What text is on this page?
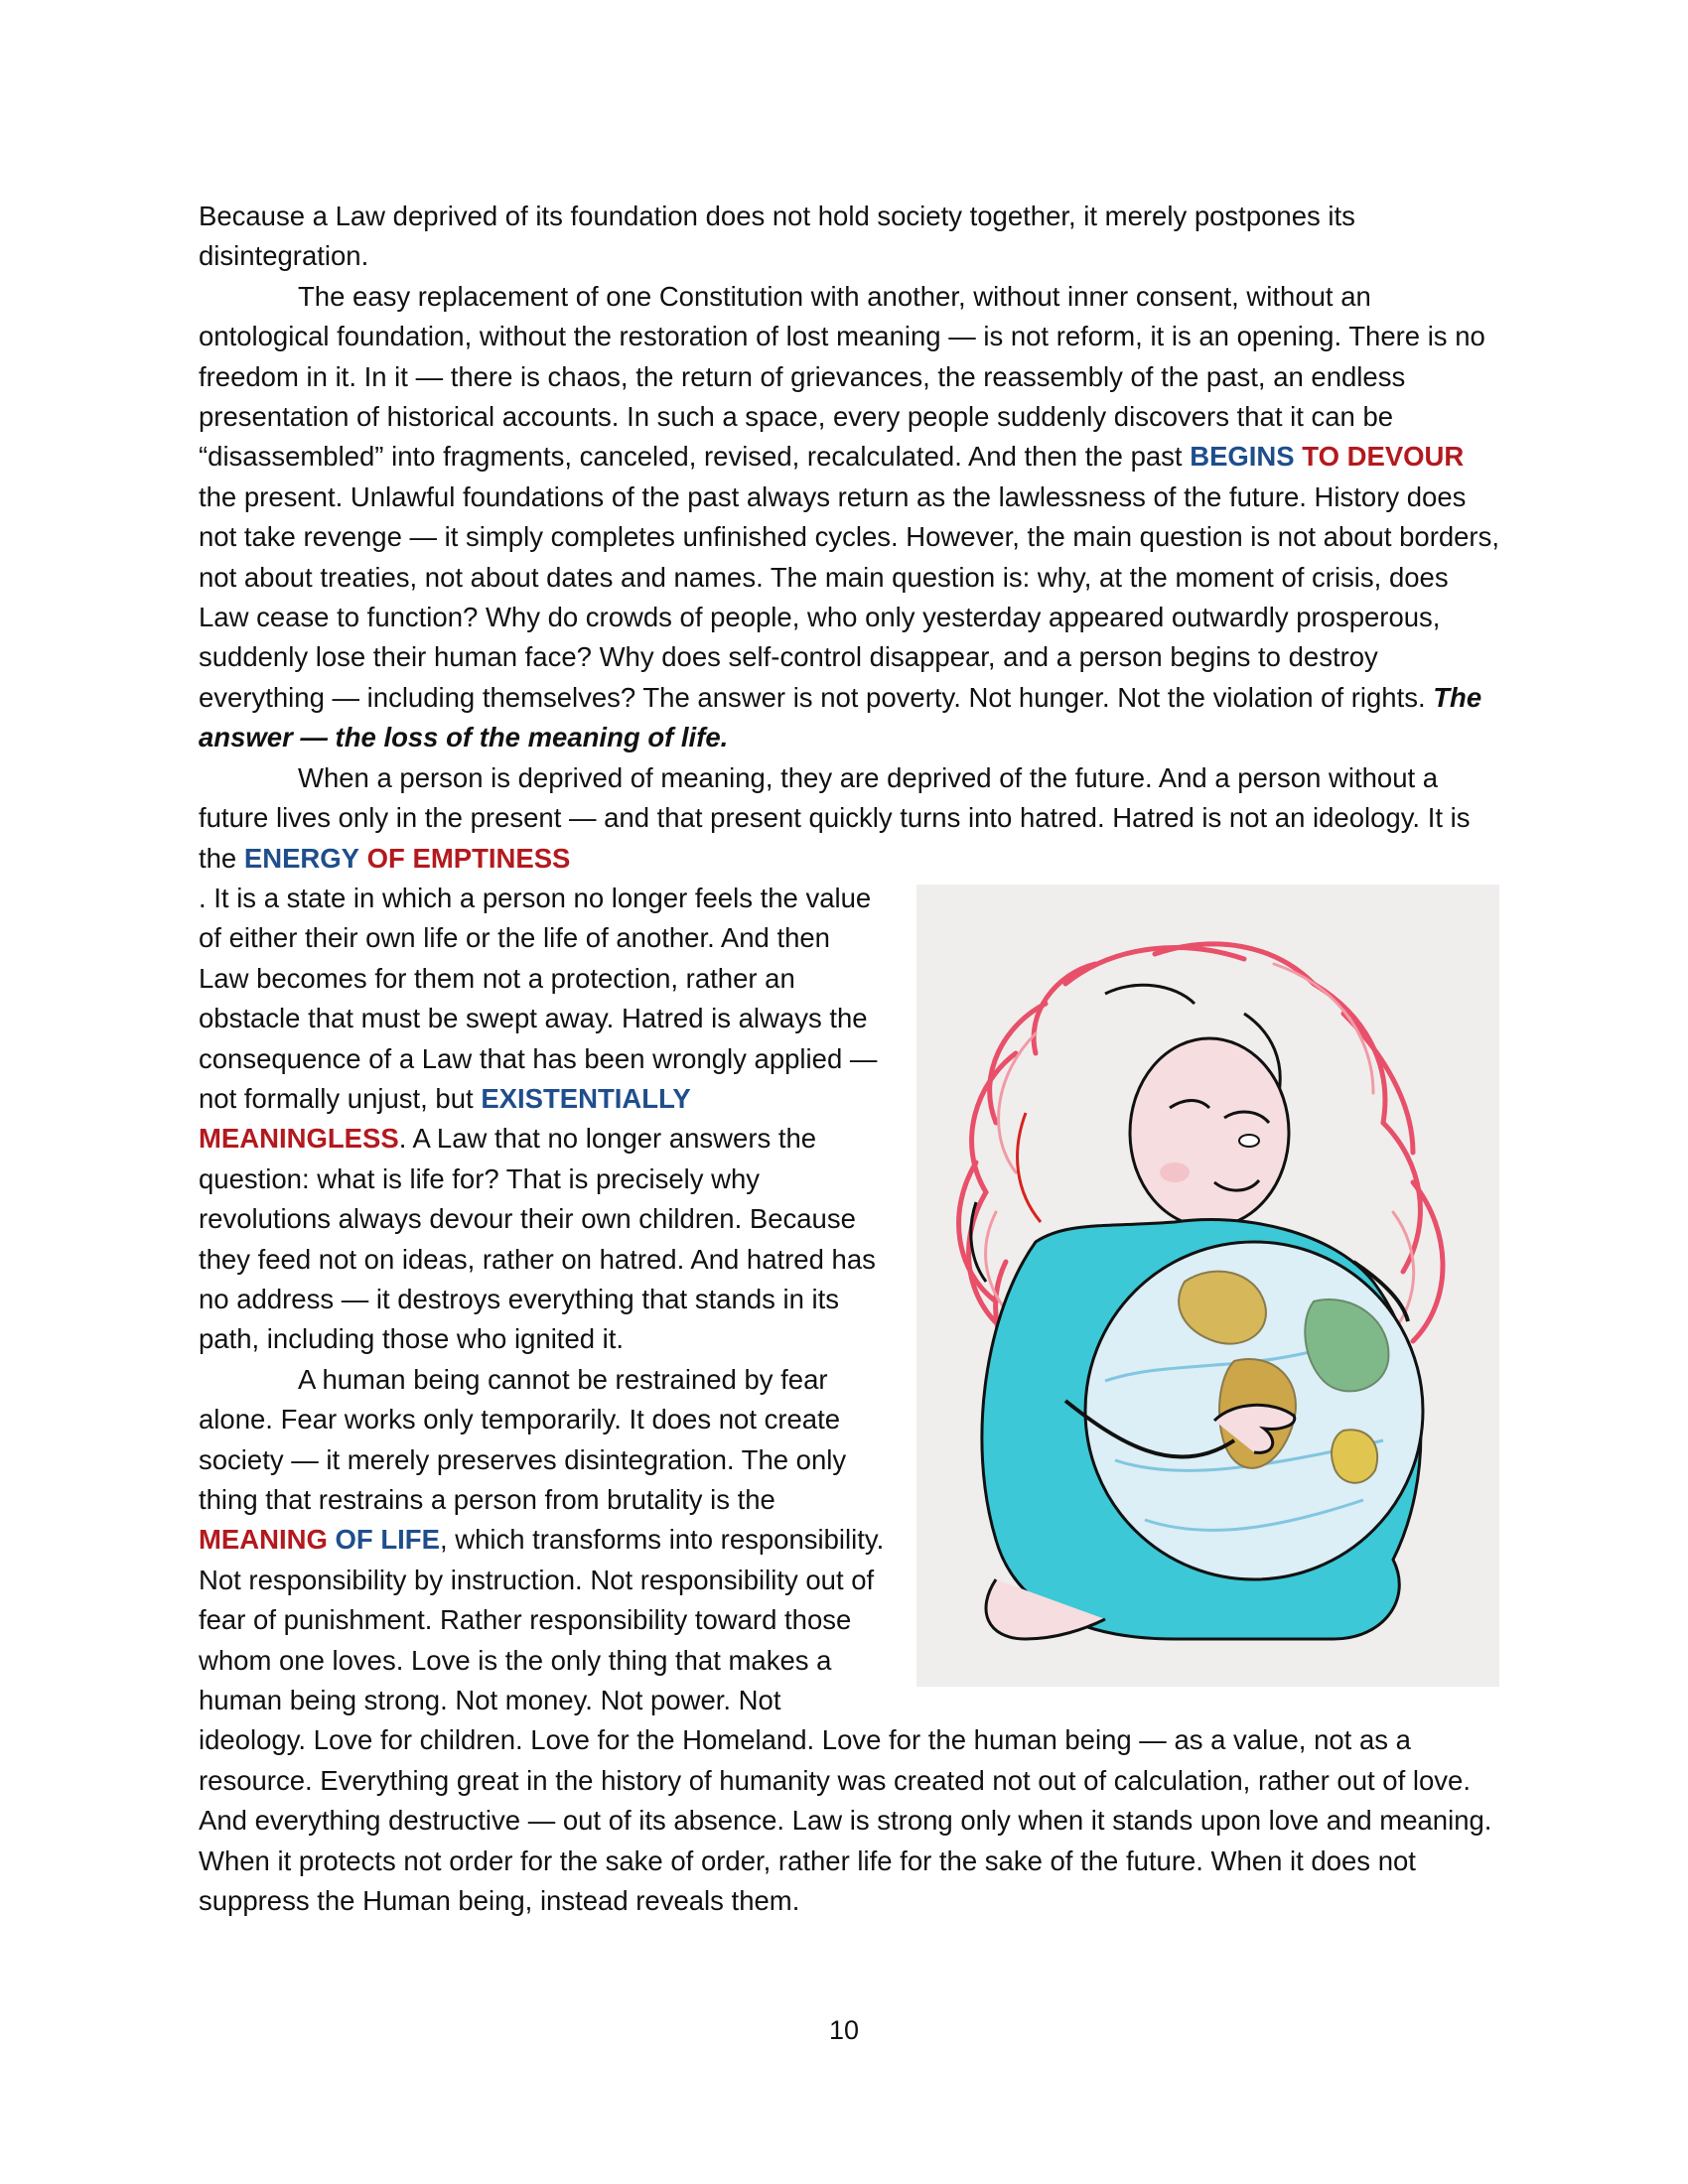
Because a Law deprived of its foundation does not hold society together, it merely postpones its disintegration.

The easy replacement of one Constitution with another, without inner consent, without an ontological foundation, without the restoration of lost meaning — is not reform, it is an opening. There is no freedom in it. In it — there is chaos, the return of grievances, the reassembly of the past, an endless presentation of historical accounts. In such a space, every people suddenly discovers that it can be “disassembled” into fragments, canceled, revised, recalculated. And then the past BEGINS TO DEVOUR the present. Unlawful foundations of the past always return as the lawlessness of the future. History does not take revenge — it simply completes unfinished cycles. However, the main question is not about borders, not about treaties, not about dates and names. The main question is: why, at the moment of crisis, does Law cease to function? Why do crowds of people, who only yesterday appeared outwardly prosperous, suddenly lose their human face? Why does self-control disappear, and a person begins to destroy everything — including themselves? The answer is not poverty. Not hunger. Not the violation of rights. The answer — the loss of the meaning of life.

When a person is deprived of meaning, they are deprived of the future. And a person without a future lives only in the present — and that present quickly turns into hatred. Hatred is not an ideology. It is the ENERGY OF EMPTINESS

. It is a state in which a person no longer feels the value of either their own life or the life of another. And then Law becomes for them not a protection, rather an obstacle that must be swept away. Hatred is always the consequence of a Law that has been wrongly applied — not formally unjust, but EXISTENTIALLY MEANINGLESS. A Law that no longer answers the question: what is life for? That is precisely why revolutions always devour their own children. Because they feed not on ideas, rather on hatred. And hatred has no address — it destroys everything that stands in its path, including those who ignited it.

A human being cannot be restrained by fear alone. Fear works only temporarily. It does not create society — it merely preserves disintegration. The only thing that restrains a person from brutality is the MEANING OF LIFE, which transforms into responsibility. Not responsibility by instruction. Not responsibility out of fear of punishment. Rather responsibility toward those whom one loves. Love is the only thing that makes a human being strong. Not money. Not power. Not ideology. Love for children. Love for the Homeland. Love for the human being — as a value, not as a resource. Everything great in the history of humanity was created not out of calculation, rather out of love. And everything destructive — out of its absence. Law is strong only when it stands upon love and meaning. When it protects not order for the sake of order, rather life for the sake of the future. When it does not suppress the Human being, instead reveals them.

10
